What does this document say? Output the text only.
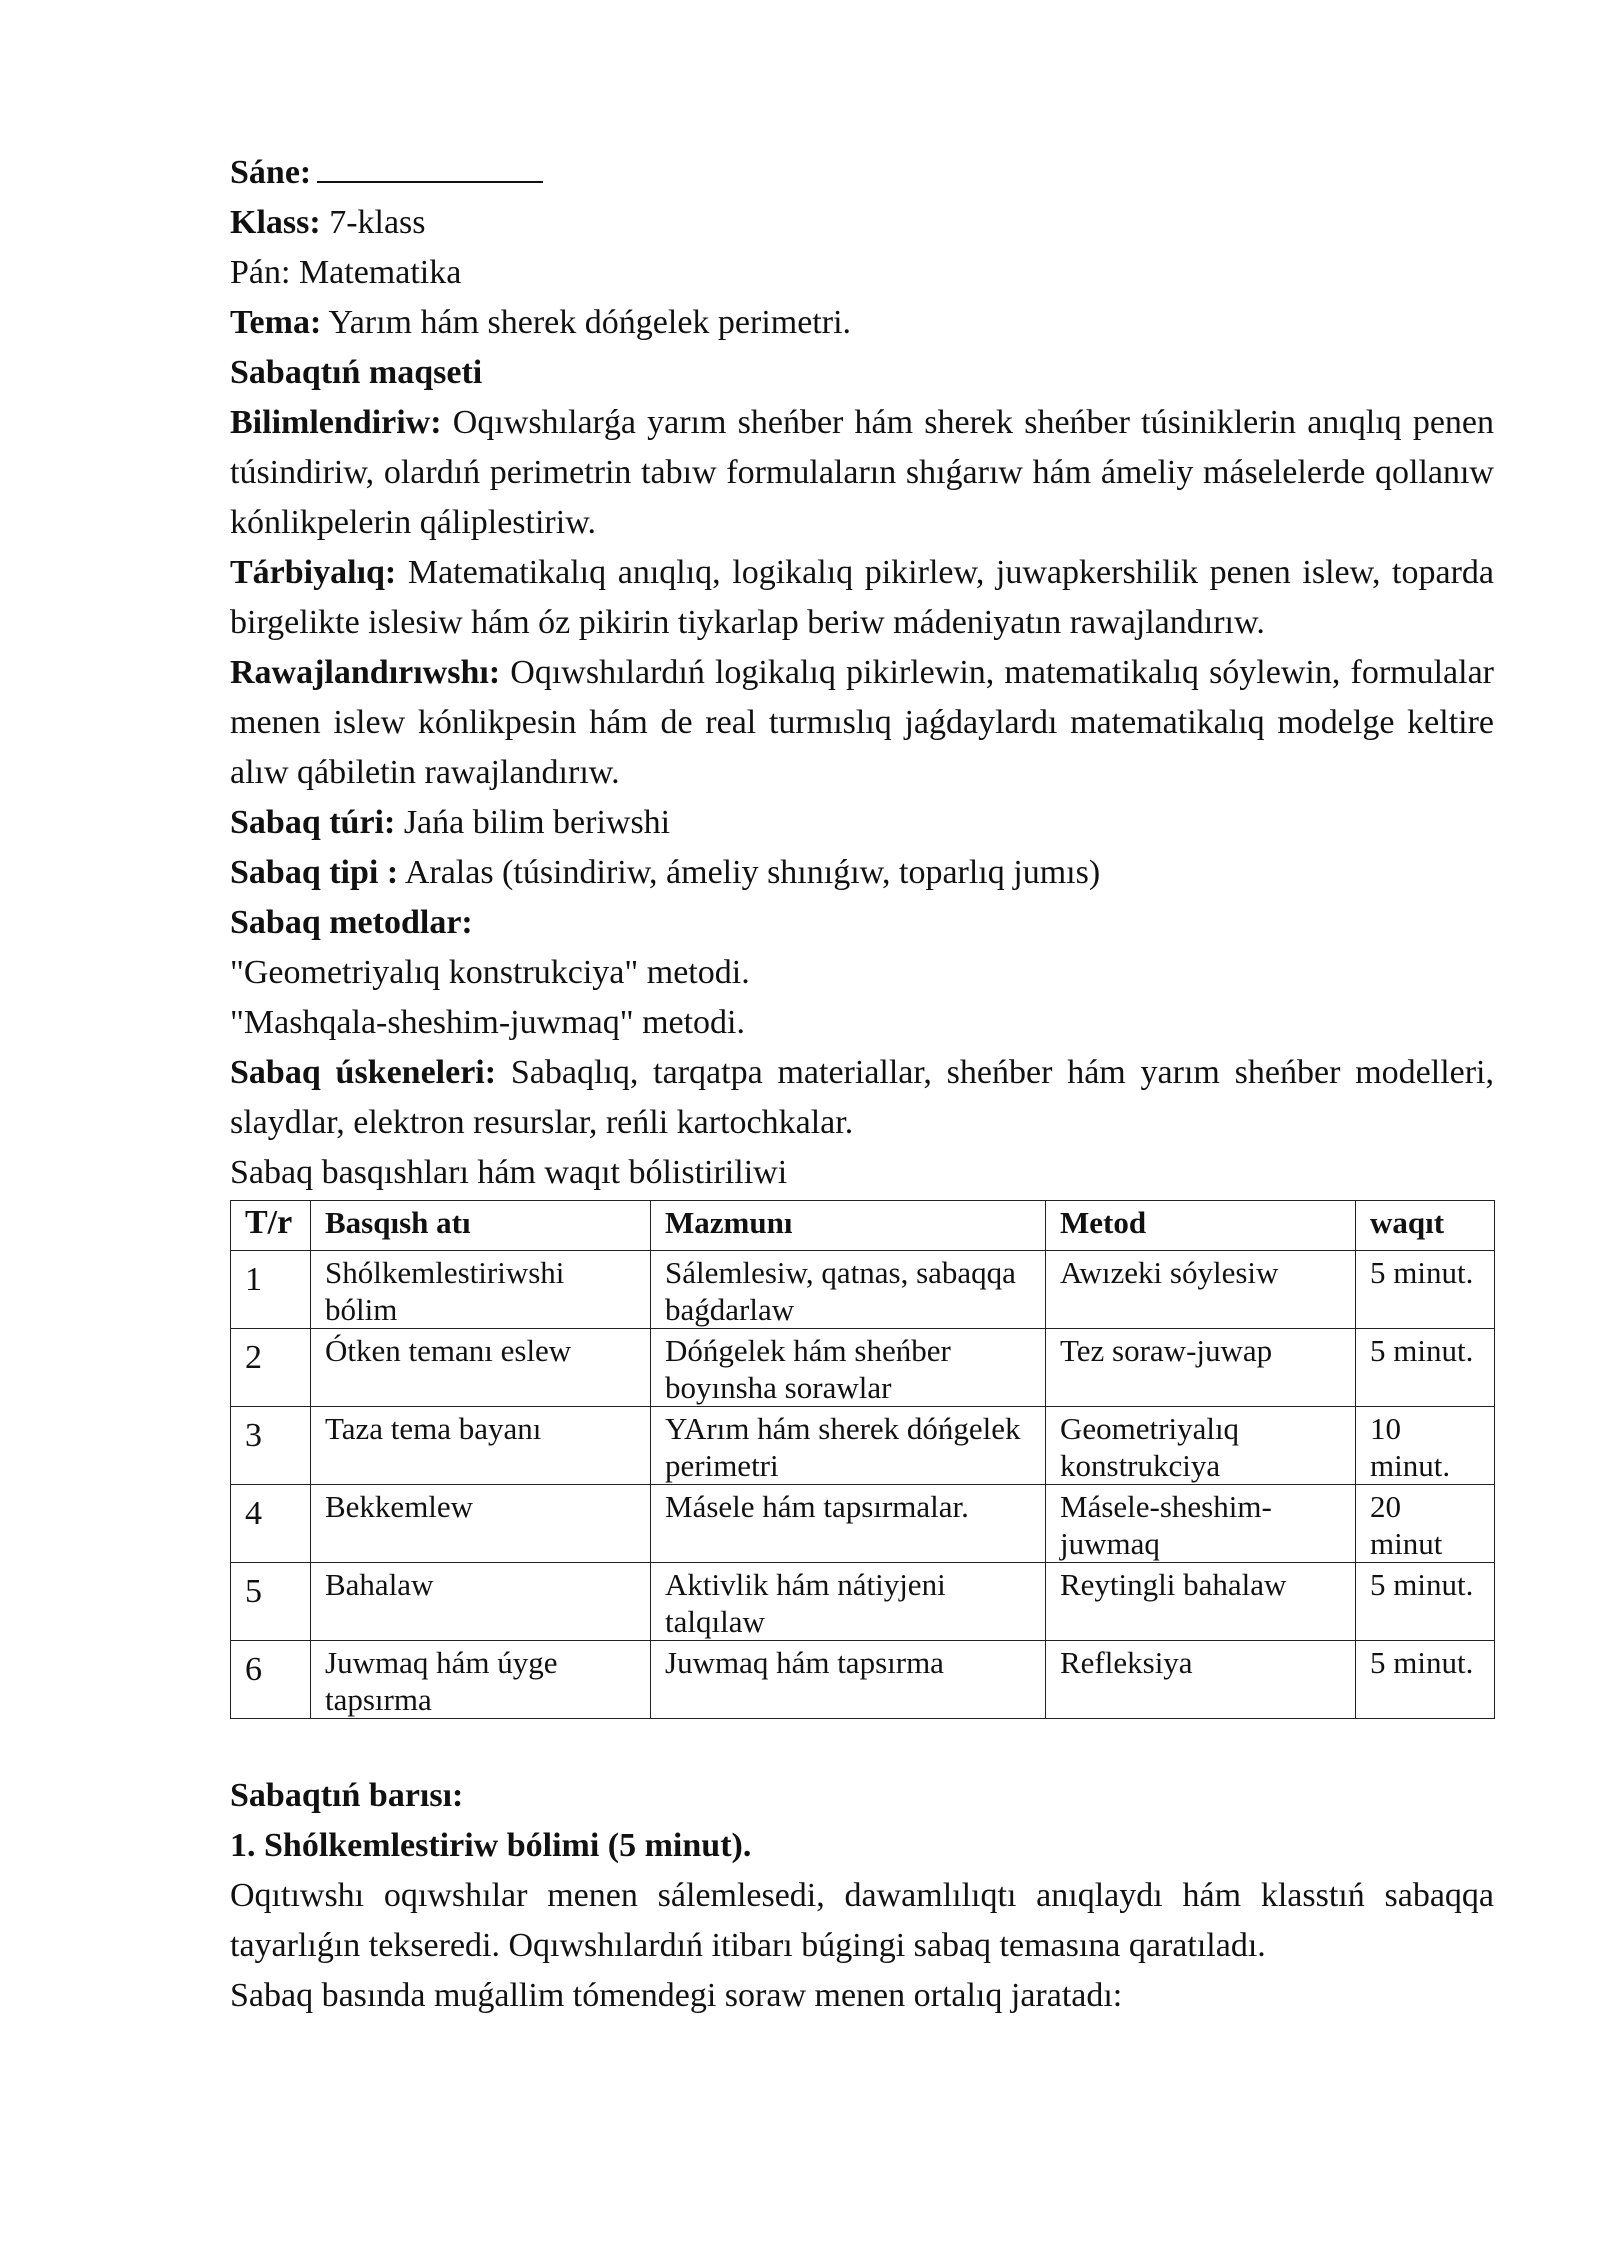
Sáne:

Klass: 7-klass

Pán: Matematika

Tema: Yarım hám sherek dóńgelek perimetri.

Sabaqtıń maqseti

Bilimlendiriw: Oqıwshılarǵa yarım sheńber hám sherek sheńber túsiniklerin anıqlıq penen túsindiriw, olardıń perimetrin tabıw formulaların shıǵarıw hám ámeliy máselelerde qollanıw kónlikpelerin qáliplestiriw.

Tárbiyalıq: Matematikalıq anıqlıq, logikalıq pikirlew, juwapkershilik penen islew, toparda birgelikte islesiw hám óz pikirin tiykarlap beriw mádeniyatın rawajlandırıw.

Rawajlandırıwshı: Oqıwshılardıń logikalıq pikirlewin, matematikalıq sóylewin, formulalar menen islew kónlikpesin hám de real turmıslıq jaǵdaylardı matematikalıq modelge keltire alıw qábiletin rawajlandırıw.

Sabaq túri: Jańa bilim beriwshi

Sabaq tipi : Aralas (túsindiriw, ámeliy shınıǵıw, toparlıq jumıs)

Sabaq metodlar:

"Geometriyalıq konstrukciya" metodi.

"Mashqala-sheshim-juwmaq" metodi.

Sabaq úskeneleri: Sabaqlıq, tarqatpa materiallar, sheńber hám yarım sheńber modelleri, slaydlar, elektron resurslar, reńli kartochkalar.

Sabaq basqıshları hám waqıt bólistiriliwi

T/r	Basqısh atı	Mazmunı	Metod	waqıt
1	Shólkemlestiriwshi bólim	Sálemlesiw, qatnas, sabaqqa baǵdarlaw	Awızeki sóylesiw	5 minut.
2	Ótken temanı eslew	Dóńgelek hám sheńber boyınsha sorawlar	Tez soraw-juwap	5 minut.
3	Taza tema bayanı	YArım hám sherek dóńgelek perimetri	Geometriyalıq konstrukciya	10 minut.
4	Bekkemlew	Másele hám tapsırmalar.	Másele-sheshim-juwmaq	20 minut
5	Bahalaw	Aktivlik hám nátiyjeni talqılaw	Reytingli bahalaw	5 minut.
6	Juwmaq hám úyge tapsırma	Juwmaq hám tapsırma	Refleksiya	5 minut.

Sabaqtıń barısı:

1. Shólkemlestiriw bólimi (5 minut).

Oqıtıwshı oqıwshılar menen sálemlesedi, dawamlılıqtı anıqlaydı hám klasstıń sabaqqa tayarlıǵın tekseredi. Oqıwshılardıń itibarı búgingi sabaq temasına qaratıladı.

Sabaq basında muǵallim tómendegi soraw menen ortalıq jaratadı:
